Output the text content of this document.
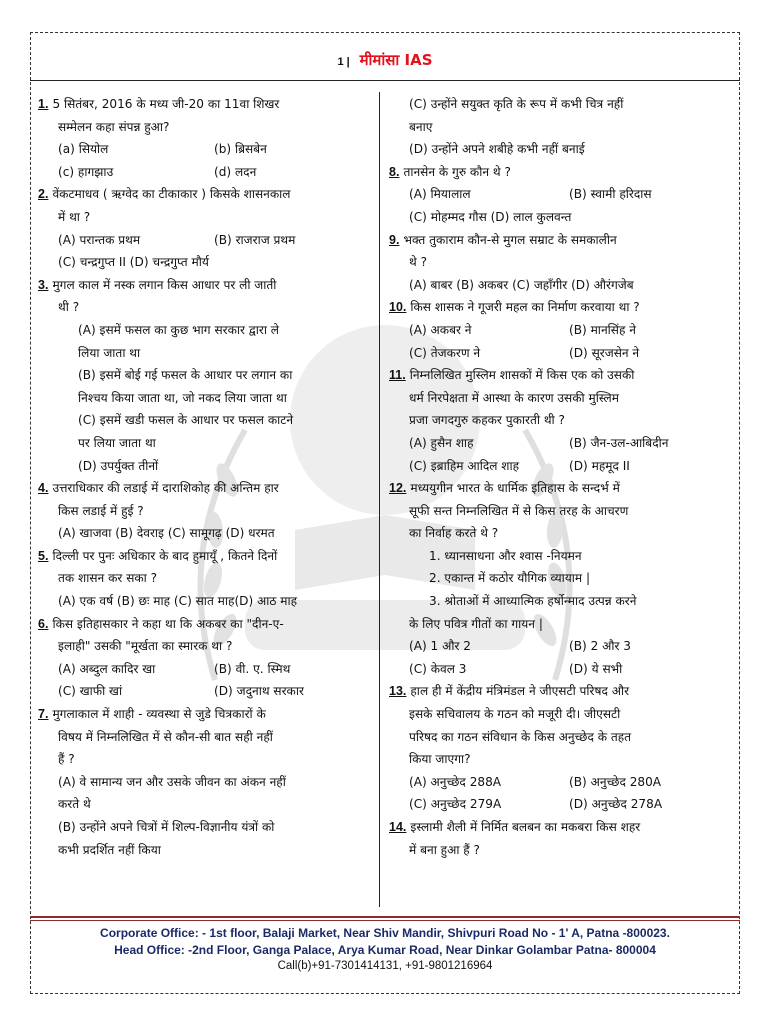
1 | मीमांसा IAS
1. 5 सितंबर, 2016 के मध्य जी-20 का 11वा शिखर
सम्मेलन कहा संपन्न हुआ?
(a) सियोल	(b) ब्रिसबेन
(c) हागझाउ	(d) लदन
2. वेंकटमाधव ( ऋग्वेद का टीकाकार ) किसके शासनकाल
में था ?
(A) परान्तक प्रथम	(B) राजराज प्रथम
(C) चन्द्रगुप्त II (D) चन्द्रगुप्त मौर्य
3. मुगल काल में नस्क लगान किस आधार पर ली जाती
थी ?
(A) इसमें फसल का कुछ भाग सरकार द्वारा ले
लिया जाता था
(B) इसमें बोई गई फसल के आधार पर लगान का
निश्चय किया जाता था, जो नकद लिया जाता था
(C) इसमें खडी फसल के आधार पर फसल काटने
पर लिया जाता था
(D) उपर्युक्त तीनों
4. उत्तराधिकार की लडाई में दाराशिकोह की अन्तिम हार
किस लडाई में हुई ?
(A) खाजवा (B) देवराइ (C) सामूगढ़ (D) धरमत
5. दिल्ली पर पुनः अधिकार के बाद हुमायूँ , कितने दिनों
तक शासन कर सका ?
(A) एक वर्ष (B) छः माह (C) सात माह(D) आठ माह
6. किस इतिहासकार ने कहा था कि अकबर का "दीन-ए-
इलाही" उसकी "मूर्खता का स्मारक था ?
(A) अब्दुल कादिर खा	(B) वी. ए. स्मिथ
(C) खाफी खां	(D) जदुनाथ सरकार
7. मुगलाकाल में शाही - व्यवस्था से जुडे चित्रकारों के
विषय में निम्नलिखित में से कौन-सी बात सही नहीं
हैं ?
(A) वे सामान्य जन और उसके जीवन का अंकन नहीं
करते थे
(B) उन्होंने अपने चित्रों में शिल्प-विज्ञानीय यंत्रों को
कभी प्रदर्शित नहीं किया
(C) उन्होंने सयुक्त कृति के रूप में कभी चित्र नहीं
बनाए
(D) उन्होंने अपने शबीहे कभी नहीं बनाई
8. तानसेन के गुरु कौन थे ?
(A) मियालाल	(B) स्वामी हरिदास
(C) मोहम्मद गौस (D) लाल कुलवन्त
9. भक्त तुकाराम कौन-से मुगल सम्राट के समकालीन
थे ?
(A) बाबर (B) अकबर (C) जहाँगीर (D) औरंगजेब
10. किस शासक ने गूजरी महल का निर्माण करवाया था ?
(A) अकबर ने	(B) मानसिंह ने
(C) तेजकरण ने	(D) सूरजसेन ने
11. निम्नलिखित मुस्लिम शासकों में किस एक को उसकी
धर्म निरपेक्षता में आस्था के कारण उसकी मुस्लिम
प्रजा जगदगुरु कहकर पुकारती थी ?
(A) हुसैन शाह	(B) जैन-उल-आबिदीन
(C) इब्राहिम आदिल शाह	(D) महमूद II
12. मध्ययुगीन भारत के धार्मिक इतिहास के सन्दर्भ में
सूफी सन्त निम्नलिखित में से किस तरह के आचरण
का निर्वाह करते थे ?
1. ध्यानसाधना और श्वास -नियमन
2. एकान्त में कठोर यौगिक व्यायाम |
3. श्रोताओं में आध्यात्मिक हर्षोन्माद उत्पन्न करने
के लिए पवित्र गीतों का गायन |
(A) 1 और 2	(B) 2 और 3
(C) केवल 3	(D) ये सभी
13. हाल ही में केंद्रीय मंत्रिमंडल ने जीएसटी परिषद और
इसके सचिवालय के गठन को मजूरी दी। जीएसटी
परिषद का गठन संविधान के किस अनुच्छेद के तहत
किया जाएगा?
(A) अनुच्छेद 288A	(B) अनुच्छेद 280A
(C) अनुच्छेद 279A	(D) अनुच्छेद 278A
14. इस्लामी शैली में निर्मित बलबन का मकबरा किस शहर
में बना हुआ हैं ?
Corporate Office: - 1st floor, Balaji Market, Near Shiv Mandir, Shivpuri Road No - 1' A, Patna -800023.
Head Office: -2nd Floor, Ganga Palace, Arya Kumar Road, Near Dinkar Golambar Patna- 800004
Call(b)+91-7301414131, +91-9801216964
